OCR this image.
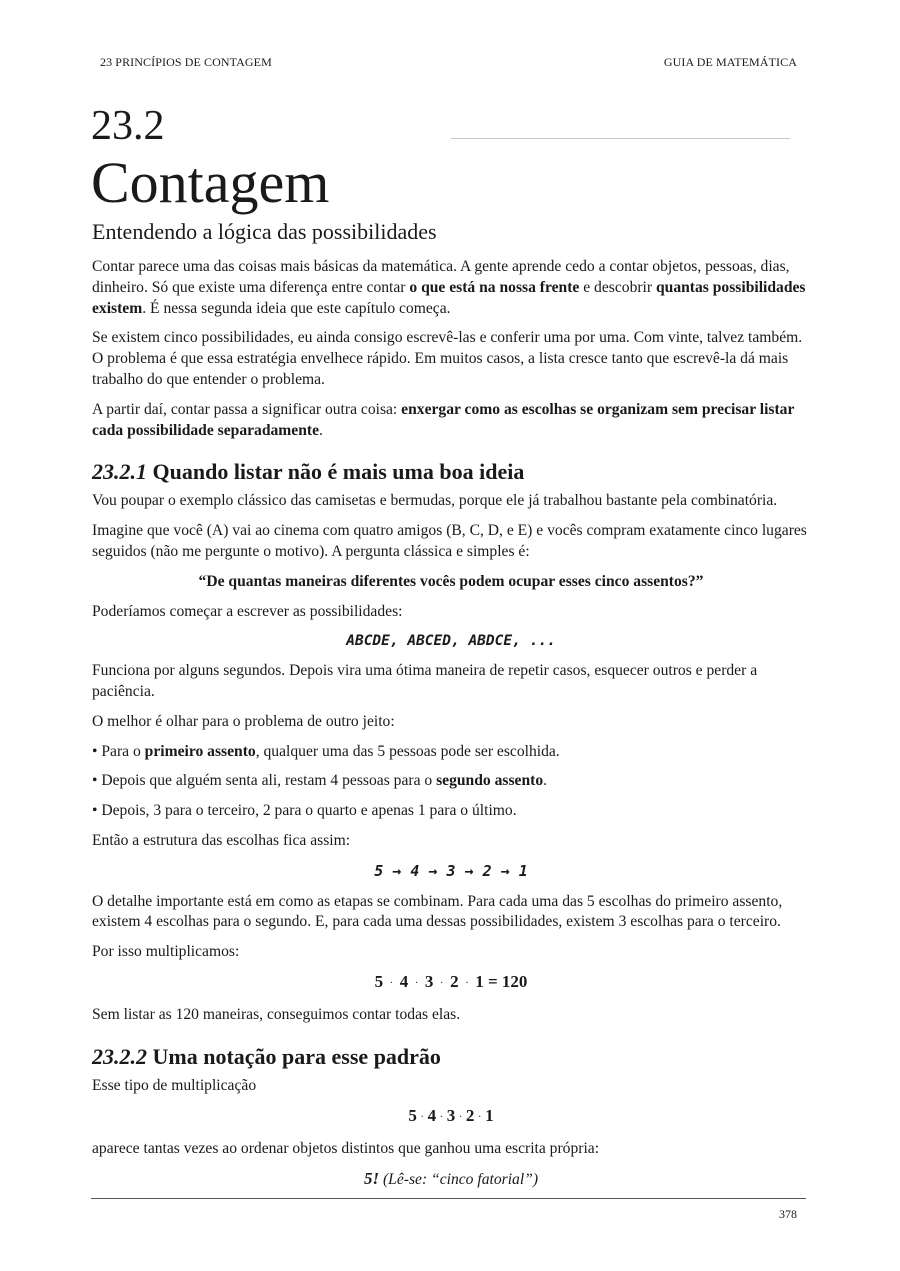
23 PRINCÍPIOS DE CONTAGEM	GUIA DE MATEMÁTICA
23.2
Contagem
Entendendo a lógica das possibilidades

Contar parece uma das coisas mais básicas da matemática. A gente aprende cedo a contar objetos, pessoas, dias, dinheiro. Só que existe uma diferença entre contar o que está na nossa frente e descobrir quantas possibilidades existem. É nessa segunda ideia que este capítulo começa.

Se existem cinco possibilidades, eu ainda consigo escrevê-las e conferir uma por uma. Com vinte, talvez também. O problema é que essa estratégia envelhece rápido. Em muitos casos, a lista cresce tanto que escrevê-la dá mais trabalho do que entender o problema.

A partir daí, contar passa a significar outra coisa: enxergar como as escolhas se organizam sem precisar listar cada possibilidade separadamente.

23.2.1 Quando listar não é mais uma boa ideia

Vou poupar o exemplo clássico das camisetas e bermudas, porque ele já trabalhou bastante pela combinatória.

Imagine que você (A) vai ao cinema com quatro amigos (B, C, D, e E) e vocês compram exatamente cinco lugares seguidos (não me pergunte o motivo). A pergunta clássica e simples é:

“De quantas maneiras diferentes vocês podem ocupar esses cinco assentos?”

Poderíamos começar a escrever as possibilidades:

ABCDE, ABCED, ABDCE, ...

Funciona por alguns segundos. Depois vira uma ótima maneira de repetir casos, esquecer outros e perder a paciência.

O melhor é olhar para o problema de outro jeito:

• Para o primeiro assento, qualquer uma das 5 pessoas pode ser escolhida.

• Depois que alguém senta ali, restam 4 pessoas para o segundo assento.

• Depois, 3 para o terceiro, 2 para o quarto e apenas 1 para o último.

Então a estrutura das escolhas fica assim:

5 → 4 → 3 → 2 → 1

O detalhe importante está em como as etapas se combinam. Para cada uma das 5 escolhas do primeiro assento, existem 4 escolhas para o segundo. E, para cada uma dessas possibilidades, existem 3 escolhas para o terceiro.

Por isso multiplicamos:

5 · 4 · 3 · 2 · 1 = 120

Sem listar as 120 maneiras, conseguimos contar todas elas.

23.2.2 Uma notação para esse padrão

Esse tipo de multiplicação

5 · 4 · 3 · 2 · 1

aparece tantas vezes ao ordenar objetos distintos que ganhou uma escrita própria:

5! (Lê-se: “cinco fatorial”)

378
